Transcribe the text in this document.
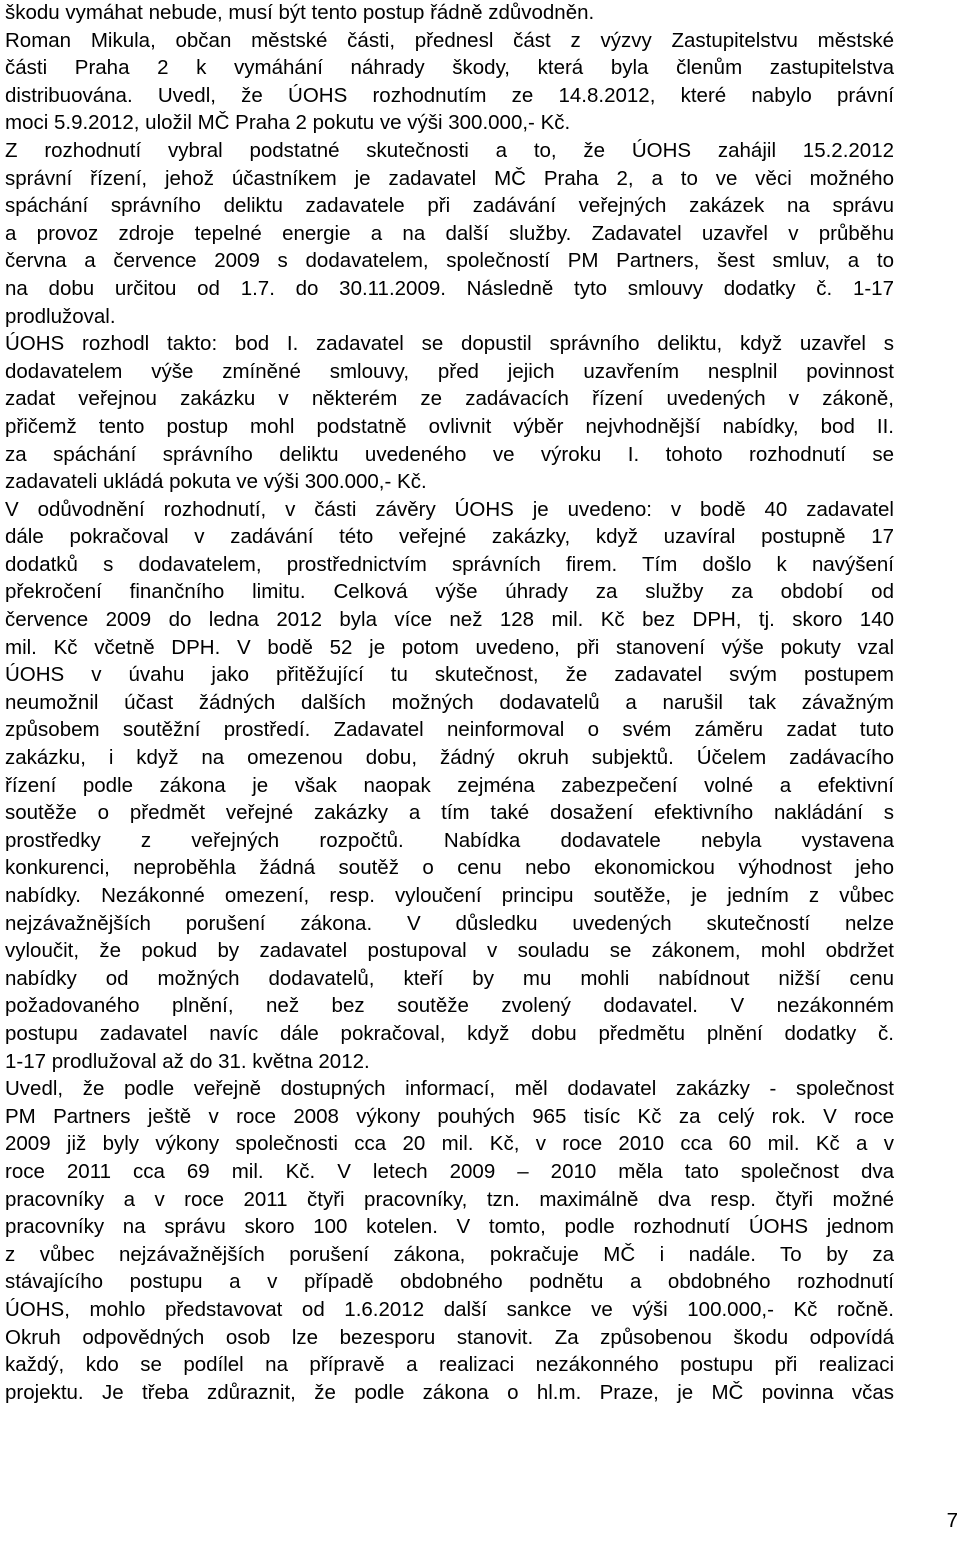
škodu vymáhat nebude, musí být tento postup řádně zdůvodněn.
Roman Mikula, občan městské části, přednesl část z výzvy Zastupitelstvu městské
části Praha 2 k vymáhání náhrady škody, která byla členům zastupitelstva
distribuována. Uvedl, že ÚOHS rozhodnutím ze 14.8.2012, které nabylo právní
moci 5.9.2012, uložil MČ Praha 2 pokutu ve výši 300.000,- Kč.
Z rozhodnutí vybral podstatné skutečnosti a to, že ÚOHS zahájil 15.2.2012
správní řízení, jehož účastníkem je zadavatel MČ Praha 2, a to ve věci možného
spáchání správního deliktu zadavatele při zadávání veřejných zakázek na správu
a provoz zdroje tepelné energie a na další služby. Zadavatel uzavřel v průběhu
června a července 2009 s dodavatelem, společností PM Partners, šest smluv, a to
na dobu určitou od 1.7. do 30.11.2009. Následně tyto smlouvy dodatky č. 1-17
prodlužoval.
ÚOHS rozhodl takto: bod I. zadavatel se dopustil správního deliktu, když uzavřel s
dodavatelem výše zmíněné smlouvy, před jejich uzavřením nesplnil povinnost
zadat veřejnou zakázku v některém ze zadávacích řízení uvedených v zákoně,
přičemž tento postup mohl podstatně ovlivnit výběr nejvhodnější nabídky, bod II.
za spáchání správního deliktu uvedeného ve výroku I. tohoto rozhodnutí se
zadavateli ukládá pokuta ve výši 300.000,- Kč.
V odůvodnění rozhodnutí, v části závěry ÚOHS je uvedeno: v bodě 40 zadavatel
dále pokračoval v zadávání této veřejné zakázky, když uzavíral postupně 17
dodatků s dodavatelem, prostřednictvím správních firem. Tím došlo k navýšení
překročení finančního limitu. Celková výše úhrady za služby za období od
července 2009 do ledna 2012 byla více než 128 mil. Kč bez DPH, tj. skoro 140
mil. Kč včetně DPH. V bodě 52 je potom uvedeno, při stanovení výše pokuty vzal
ÚOHS v úvahu jako přitěžující tu skutečnost, že zadavatel svým postupem
neumožnil účast žádných dalších možných dodavatelů a narušil tak závažným
způsobem soutěžní prostředí. Zadavatel neinformoval o svém záměru zadat tuto
zakázku, i když na omezenou dobu, žádný okruh subjektů. Účelem zadávacího
řízení podle zákona je však naopak zejména zabezpečení volné a efektivní
soutěže o předmět veřejné zakázky a tím také dosažení efektivního nakládání s
prostředky z veřejných rozpočtů. Nabídka dodavatele nebyla vystavena
konkurenci, neproběhla žádná soutěž o cenu nebo ekonomickou výhodnost jeho
nabídky. Nezákonné omezení, resp. vyloučení principu soutěže, je jedním z vůbec
nejzávažnějších porušení zákona. V důsledku uvedených skutečností nelze
vyloučit, že pokud by zadavatel postupoval v souladu se zákonem, mohl obdržet
nabídky od možných dodavatelů, kteří by mu mohli nabídnout nižší cenu
požadovaného plnění, než bez soutěže zvolený dodavatel. V nezákonném
postupu zadavatel navíc dále pokračoval, když dobu předmětu plnění dodatky č.
1-17 prodlužoval až do 31. května 2012.
Uvedl, že podle veřejně dostupných informací, měl dodavatel zakázky - společnost
PM Partners ještě v roce 2008 výkony pouhých 965 tisíc Kč za celý rok. V roce
2009 již byly výkony společnosti cca 20 mil. Kč, v roce 2010 cca 60 mil. Kč a v
roce 2011 cca 69 mil. Kč. V letech 2009 – 2010 měla tato společnost dva
pracovníky a v roce 2011 čtyři pracovníky, tzn. maximálně dva resp. čtyři možné
pracovníky na správu skoro 100 kotelen. V tomto, podle rozhodnutí ÚOHS jednom
z vůbec nejzávažnějších porušení zákona, pokračuje MČ i nadále. To by za
stávajícího postupu a v případě obdobného podnětu a obdobného rozhodnutí
ÚOHS, mohlo představovat od 1.6.2012 další sankce ve výši 100.000,- Kč ročně.
Okruh odpovědných osob lze bezesporu stanovit. Za způsobenou škodu odpovídá
každý, kdo se podílel na přípravě a realizaci nezákonného postupu při realizaci
projektu. Je třeba zdůraznit, že podle zákona o hl.m. Praze, je MČ povinna včas
7
